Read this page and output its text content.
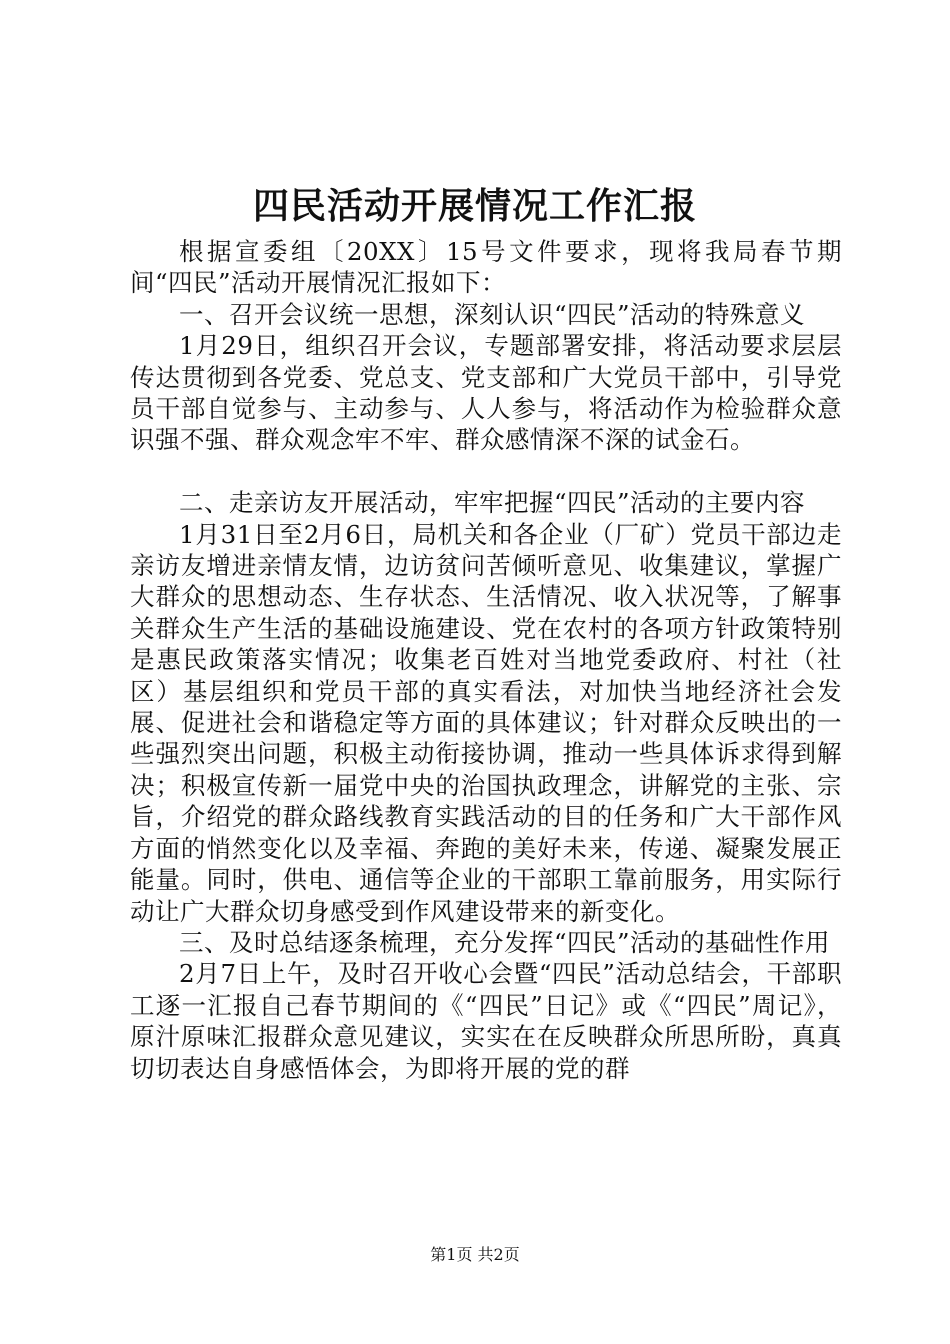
四民活动开展情况工作汇报

根据宣委组〔20XX〕15号文件要求，现将我局春节期间“四民”活动开展情况汇报如下：

一、召开会议统一思想，深刻认识“四民”活动的特殊意义

1月29日，组织召开会议，专题部署安排，将活动要求层层传达贯彻到各党委、党总支、党支部和广大党员干部中，引导党员干部自觉参与、主动参与、人人参与，将活动作为检验群众意识强不强、群众观念牢不牢、群众感情深不深的试金石。

二、走亲访友开展活动，牢牢把握“四民”活动的主要内容

1月31日至2月6日，局机关和各企业（厂矿）党员干部边走亲访友增进亲情友情，边访贫问苦倾听意见、收集建议，掌握广大群众的思想动态、生存状态、生活情况、收入状况等，了解事关群众生产生活的基础设施建设、党在农村的各项方针政策特别是惠民政策落实情况；收集老百姓对当地党委政府、村社（社区）基层组织和党员干部的真实看法，对加快当地经济社会发展、促进社会和谐稳定等方面的具体建议；针对群众反映出的一些强烈突出问题，积极主动衔接协调，推动一些具体诉求得到解决；积极宣传新一届党中央的治国执政理念，讲解党的主张、宗旨，介绍党的群众路线教育实践活动的目的任务和广大干部作风方面的悄然变化以及幸福、奔跑的美好未来，传递、凝聚发展正能量。同时，供电、通信等企业的干部职工靠前服务，用实际行动让广大群众切身感受到作风建设带来的新变化。

三、及时总结逐条梳理，充分发挥“四民”活动的基础性作用

2月7日上午，及时召开收心会暨“四民”活动总结会，干部职工逐一汇报自己春节期间的《“四民”日记》或《“四民”周记》，原汁原味汇报群众意见建议，实实在在反映群众所思所盼，真真切切表达自身感悟体会，为即将开展的党的群

第1页 共2页
